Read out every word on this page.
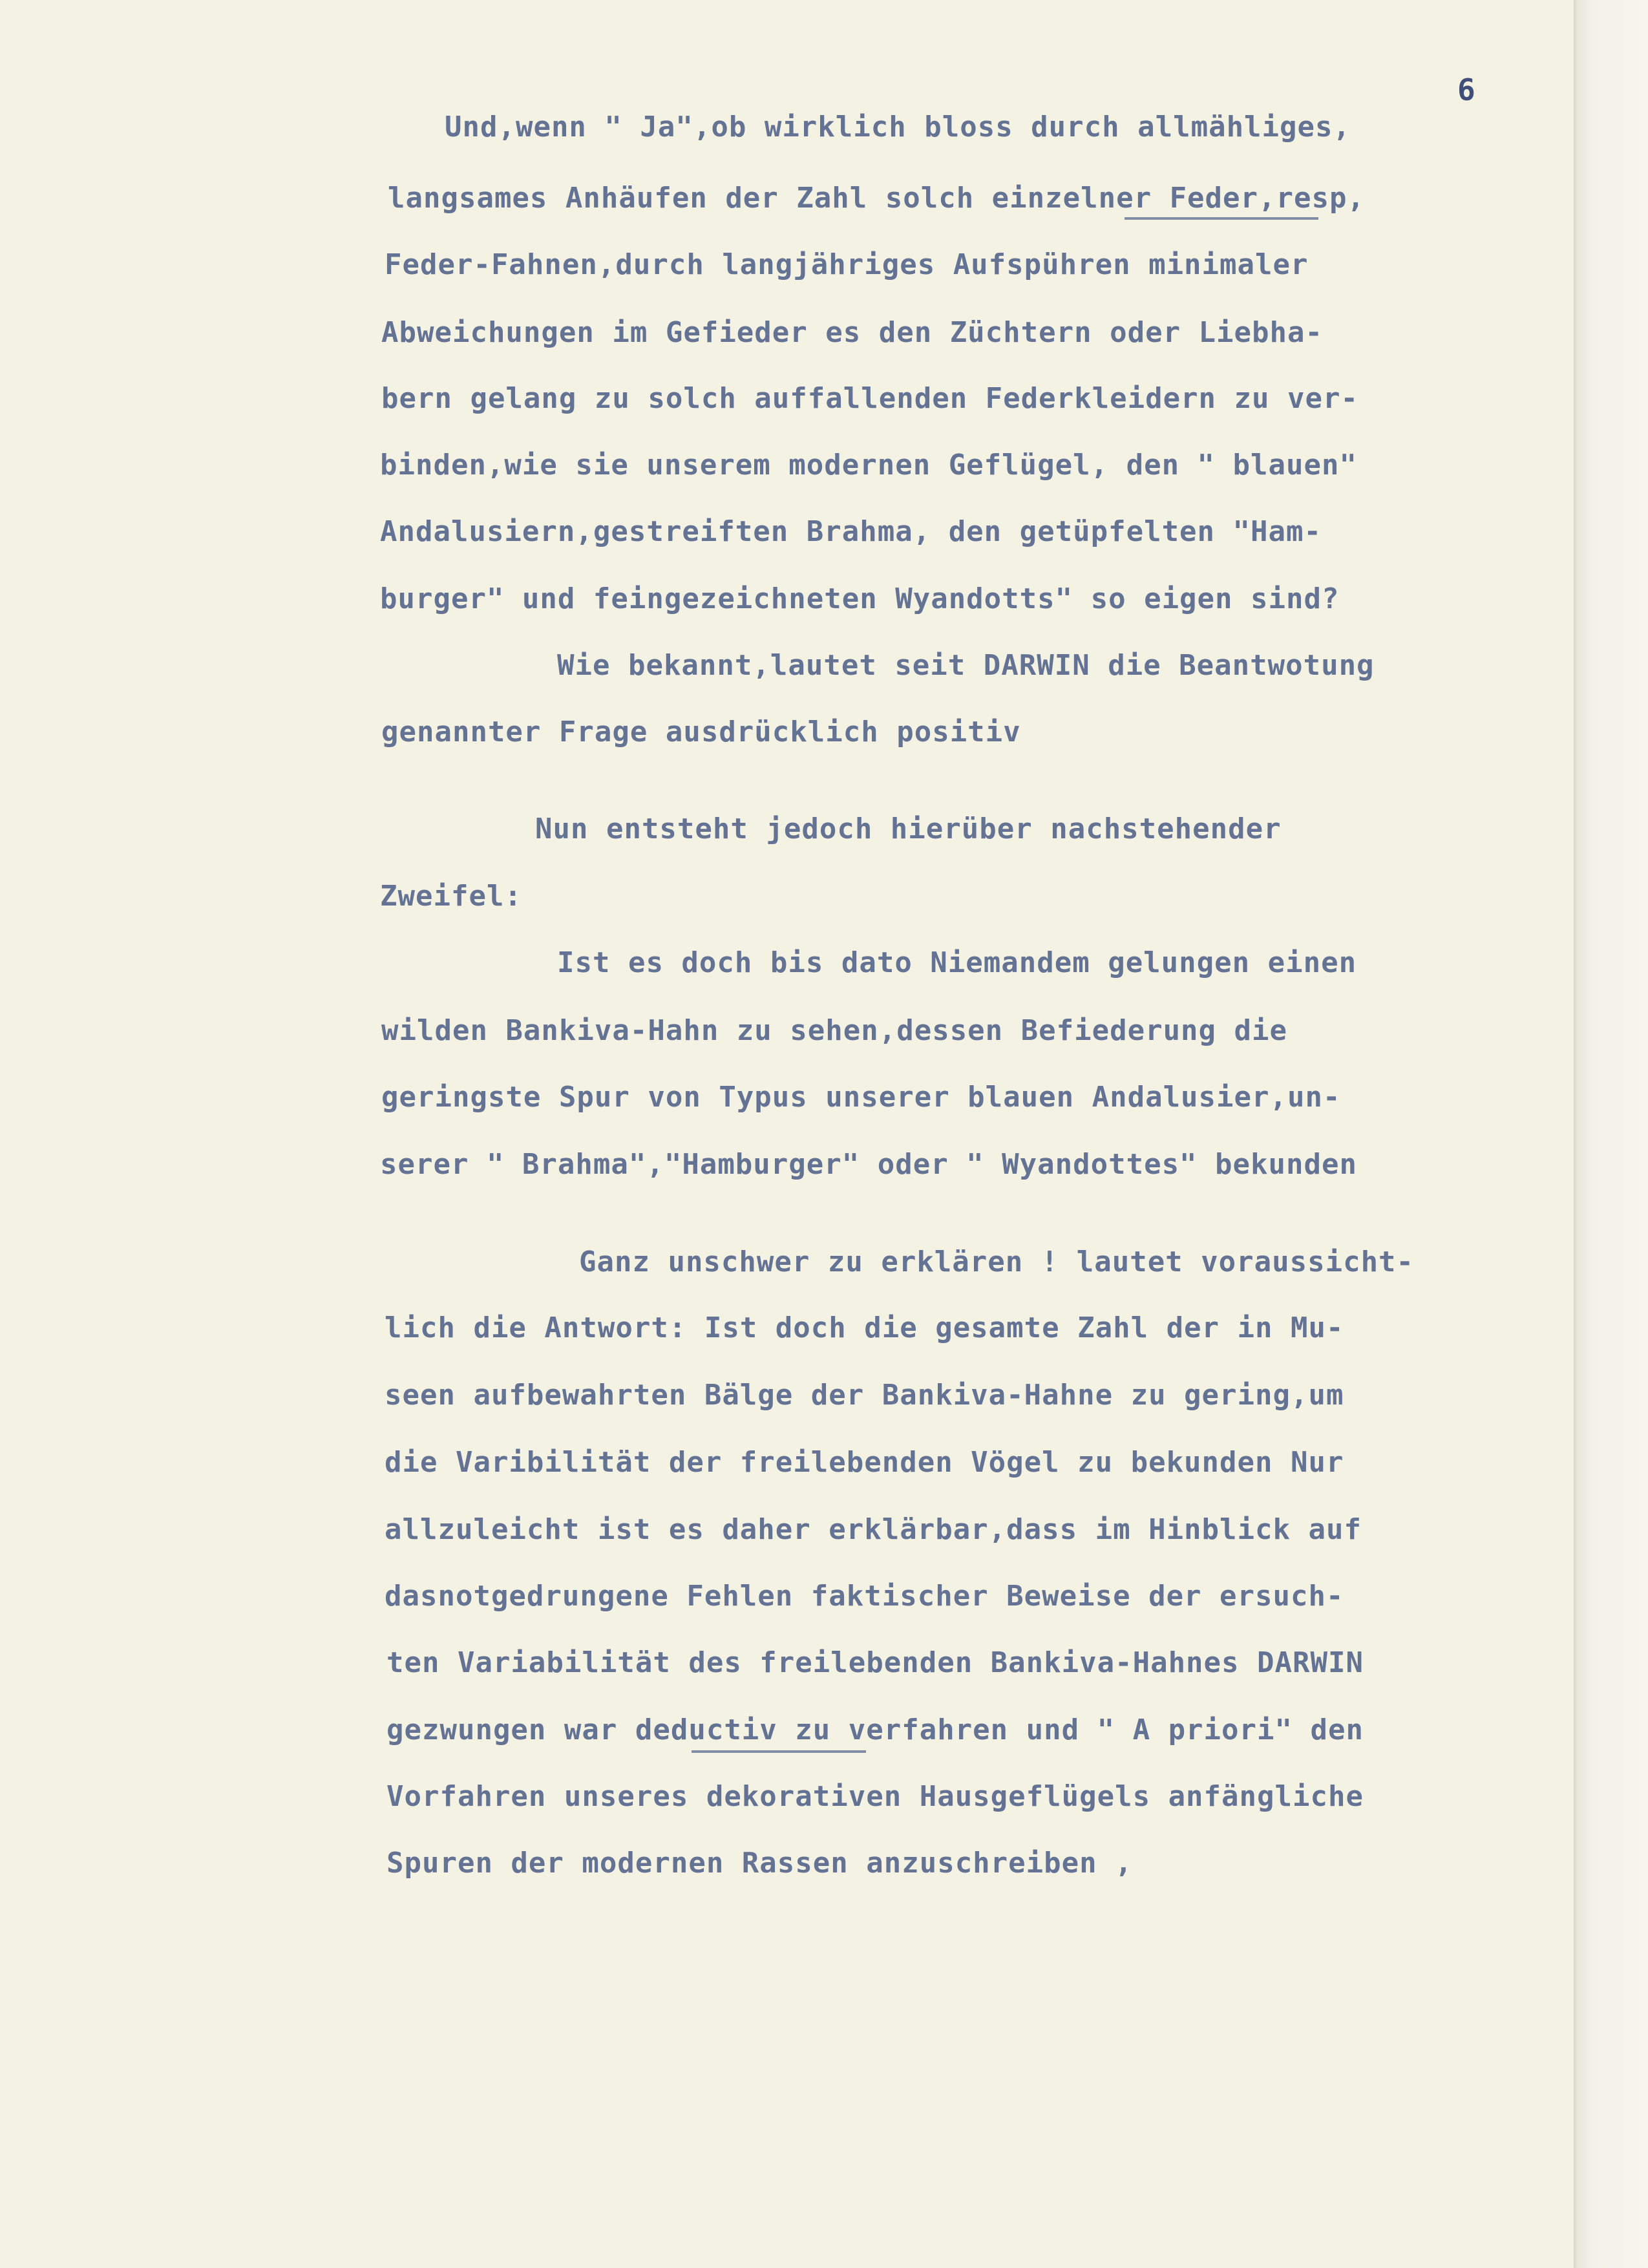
6

Und,wenn " Ja",ob wirklich bloss durch allmähliges,

langsames Anhäufen der Zahl solch einzelner Feder,resp,

Feder-Fahnen,durch langjähriges Aufspühren minimaler

Abweichungen im Gefieder es den Züchtern oder Liebha-

bern gelang zu solch auffallenden Federkleidern zu ver-

binden,wie sie unserem modernen Geflügel, den " blauen"

Andalusiern,gestreiften Brahma, den getüpfelten "Ham-

burger" und feingezeichneten Wyandotts" so eigen sind?

Wie bekannt,lautet seit DARWIN die Beantwotung

genannter Frage ausdrücklich positiv

Nun entsteht jedoch hierüber nachstehender

Zweifel:

Ist es doch bis dato Niemandem gelungen einen

wilden Bankiva-Hahn zu sehen,dessen Befiederung die

geringste Spur von Typus unserer blauen Andalusier,un-

serer " Brahma","Hamburger" oder " Wyandottes" bekunden

Ganz unschwer zu erklären ! lautet voraussicht-

lich die Antwort: Ist doch die gesamte Zahl der in Mu-

seen aufbewahrten Bälge der Bankiva-Hahne zu gering,um

die Varibilität der freilebenden Vögel zu bekunden Nur

allzuleicht ist es daher erklärbar,dass im Hinblick auf

dasnotgedrungene Fehlen faktischer Beweise der ersuch-

ten Variabilität des freilebenden Bankiva-Hahnes DARWIN

gezwungen war deductiv zu verfahren und " A priori" den

Vorfahren unseres dekorativen Hausgeflügels anfängliche

Spuren der modernen Rassen anzuschreiben ,
